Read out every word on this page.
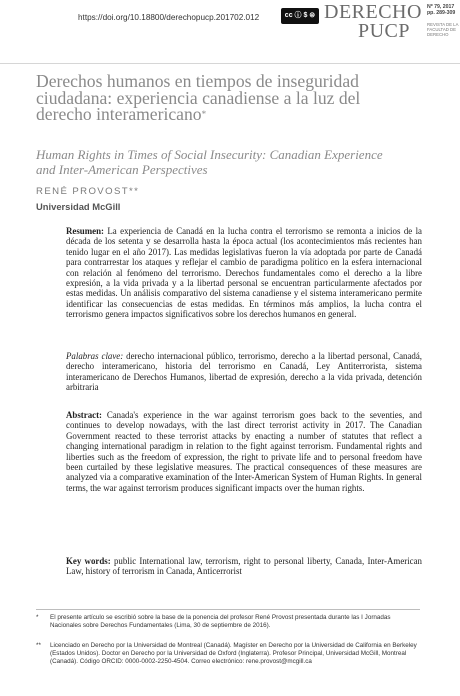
https://doi.org/10.18800/derechopucp.201702.012	cc ⓘ $ ⊜ DERECHO
PUCP
Nº 79, 2017
pp. 289-309
REVISTA DE LA FACULTAD DE DERECHO
Derechos humanos en tiempos de inseguridad ciudadana: experiencia canadiense a la luz del derecho interamericano*
Human Rights in Times of Social Insecurity: Canadian Experience and Inter-American Perspectives
RENÉ PROVOST**
Universidad McGill
Resumen: La experiencia de Canadá en la lucha contra el terrorismo se remonta a inicios de la década de los setenta y se desarrolla hasta la época actual (los acontecimientos más recientes han tenido lugar en el año 2017). Las medidas legislativas fueron la vía adoptada por parte de Canadá para contrarrestar los ataques y reflejar el cambio de paradigma político en la esfera internacional con relación al fenómeno del terrorismo. Derechos fundamentales como el derecho a la libre expresión, a la vida privada y a la libertad personal se encuentran particularmente afectados por estas medidas. Un análisis comparativo del sistema canadiense y el sistema interamericano permite identificar las consecuencias de estas medidas. En términos más amplios, la lucha contra el terrorismo genera impactos significativos sobre los derechos humanos en general.
Palabras clave: derecho internacional público, terrorismo, derecho a la libertad personal, Canadá, derecho interamericano, historia del terrorismo en Canadá, Ley Antiterrorista, sistema interamericano de Derechos Humanos, libertad de expresión, derecho a la vida privada, detención arbitraria
Abstract: Canada's experience in the war against terrorism goes back to the seventies, and continues to develop nowadays, with the last direct terrorist activity in 2017. The Canadian Government reacted to these terrorist attacks by enacting a number of statutes that reflect a changing international paradigm in relation to the fight against terrorism. Fundamental rights and liberties such as the freedom of expression, the right to private life and to personal freedom have been curtailed by these legislative measures. The practical consequences of these measures are analyzed via a comparative examination of the Inter-American System of Human Rights. In general terms, the war against terrorism produces significant impacts over the human rights.
Key words: public International law, terrorism, right to personal liberty, Canada, Inter-American Law, history of terrorism in Canada, Anticerrorist
* El presente artículo se escribió sobre la base de la ponencia del profesor René Provost presentada durante las I Jornadas Nacionales sobre Derechos Fundamentales (Lima, 30 de septiembre de 2016).
** Licenciado en Derecho por la Universidad de Montreal (Canadá). Magíster en Derecho por la Universidad de California en Berkeley (Estados Unidos). Doctor en Derecho por la Universidad de Oxford (Inglaterra). Profesor Principal, Universidad McGill, Montreal (Canadá). Código ORCID: 0000-0002-2250-4504. Correo electrónico: rene.provost@mcgill.ca
